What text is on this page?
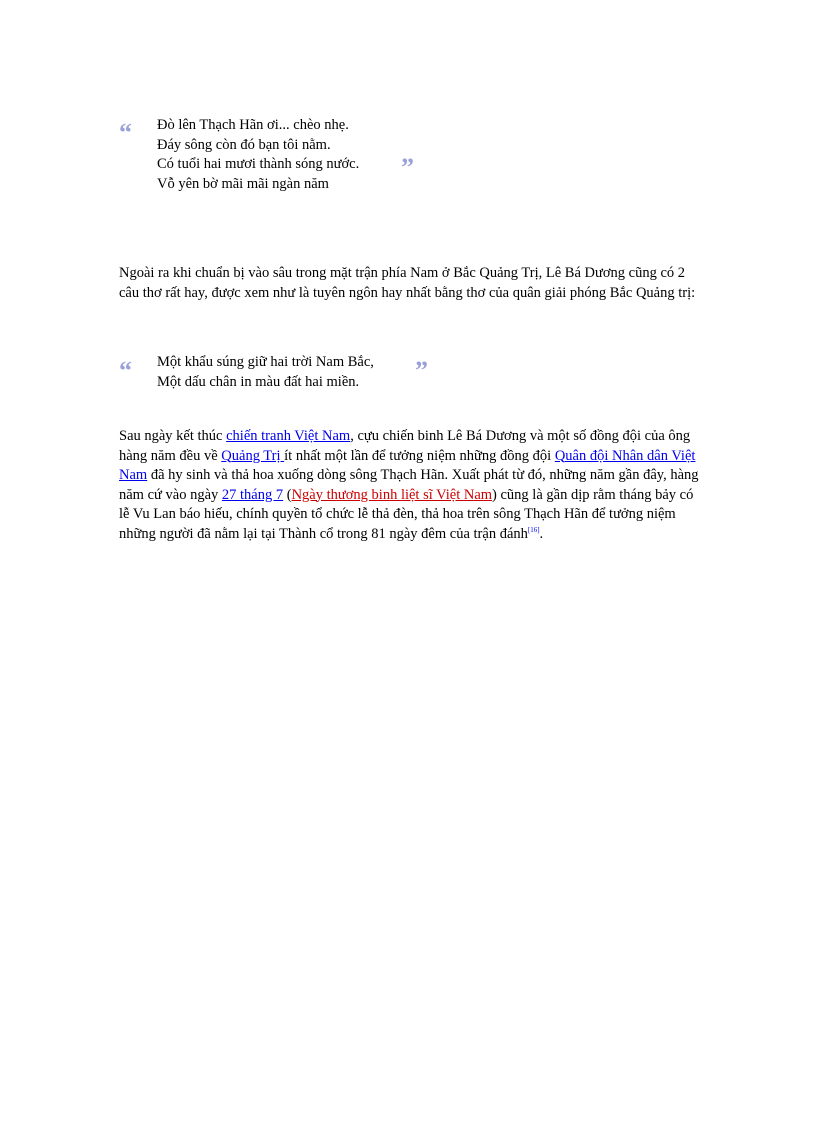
“ Đò lên Thạch Hãn ơi... chèo nhẹ.
Đáy sông còn đó bạn tôi nằm.
Có tuổi hai mươi thành sóng nước.
Vỗ yên bờ mãi mãi ngàn năm
”
Ngoài ra khi chuẩn bị vào sâu trong mặt trận phía Nam ở Bắc Quảng Trị, Lê Bá Dương cũng có 2 câu thơ rất hay, được xem như là tuyên ngôn hay nhất bằng thơ của quân giải phóng Bắc Quảng trị:
“ Một khẩu súng giữ hai trời Nam Bắc,
Một dấu chân in màu đất hai miền.	”
Sau ngày kết thúc chiến tranh Việt Nam, cựu chiến binh Lê Bá Dương và một số đồng đội của ông hàng năm đều về Quảng Trị ít nhất một lần để tưởng niệm những đồng đội Quân đội Nhân dân Việt Nam đã hy sinh và thả hoa xuống dòng sông Thạch Hãn. Xuất phát từ đó, những năm gần đây, hàng năm cứ vào ngày 27 tháng 7 (Ngày thương binh liệt sĩ Việt Nam) cũng là gần dịp rằm tháng bảy có lễ Vu Lan báo hiếu, chính quyền tổ chức lễ thả đèn, thả hoa trên sông Thạch Hãn để tưởng niệm những người đã nằm lại tại Thành cổ trong 81 ngày đêm của trận đánh[16].
